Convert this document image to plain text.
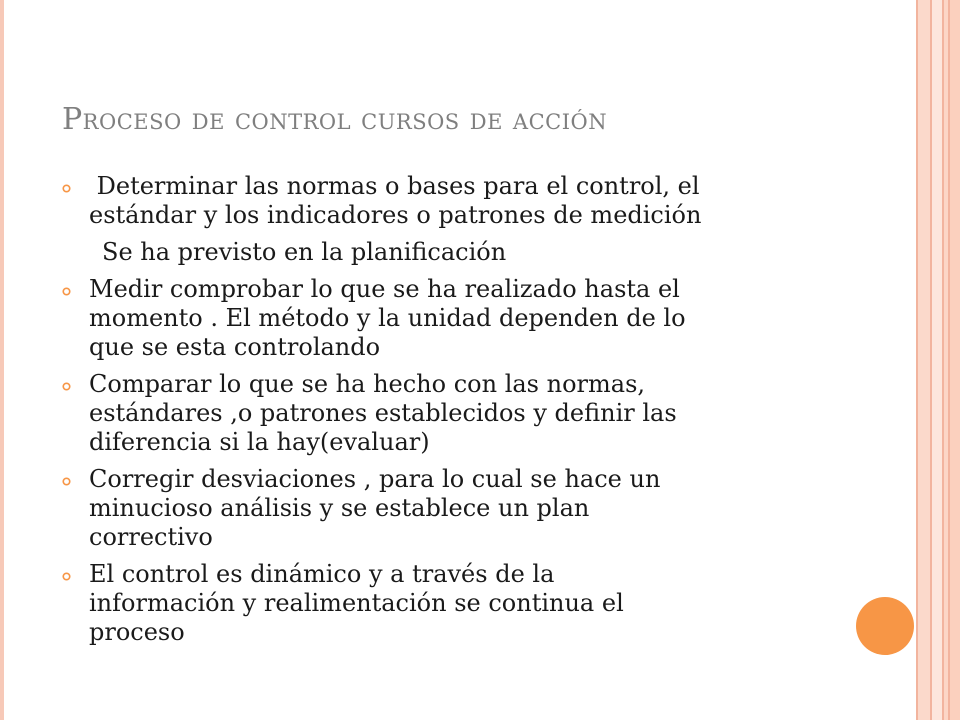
Proceso de control cursos de acción
Determinar las normas o bases para el control, el
estándar y los indicadores o patrones de medición
Se ha previsto en la planificación
Medir comprobar lo que se ha realizado hasta el
momento . El método y la unidad dependen de lo
que se esta controlando
Comparar lo que se ha hecho con las normas,
estándares ,o patrones establecidos y definir las
diferencia si la hay(evaluar)
Corregir desviaciones , para lo cual se hace un
minucioso análisis y se establece un plan
correctivo
El control es dinámico y a través de la
información y realimentación se continua el
proceso
